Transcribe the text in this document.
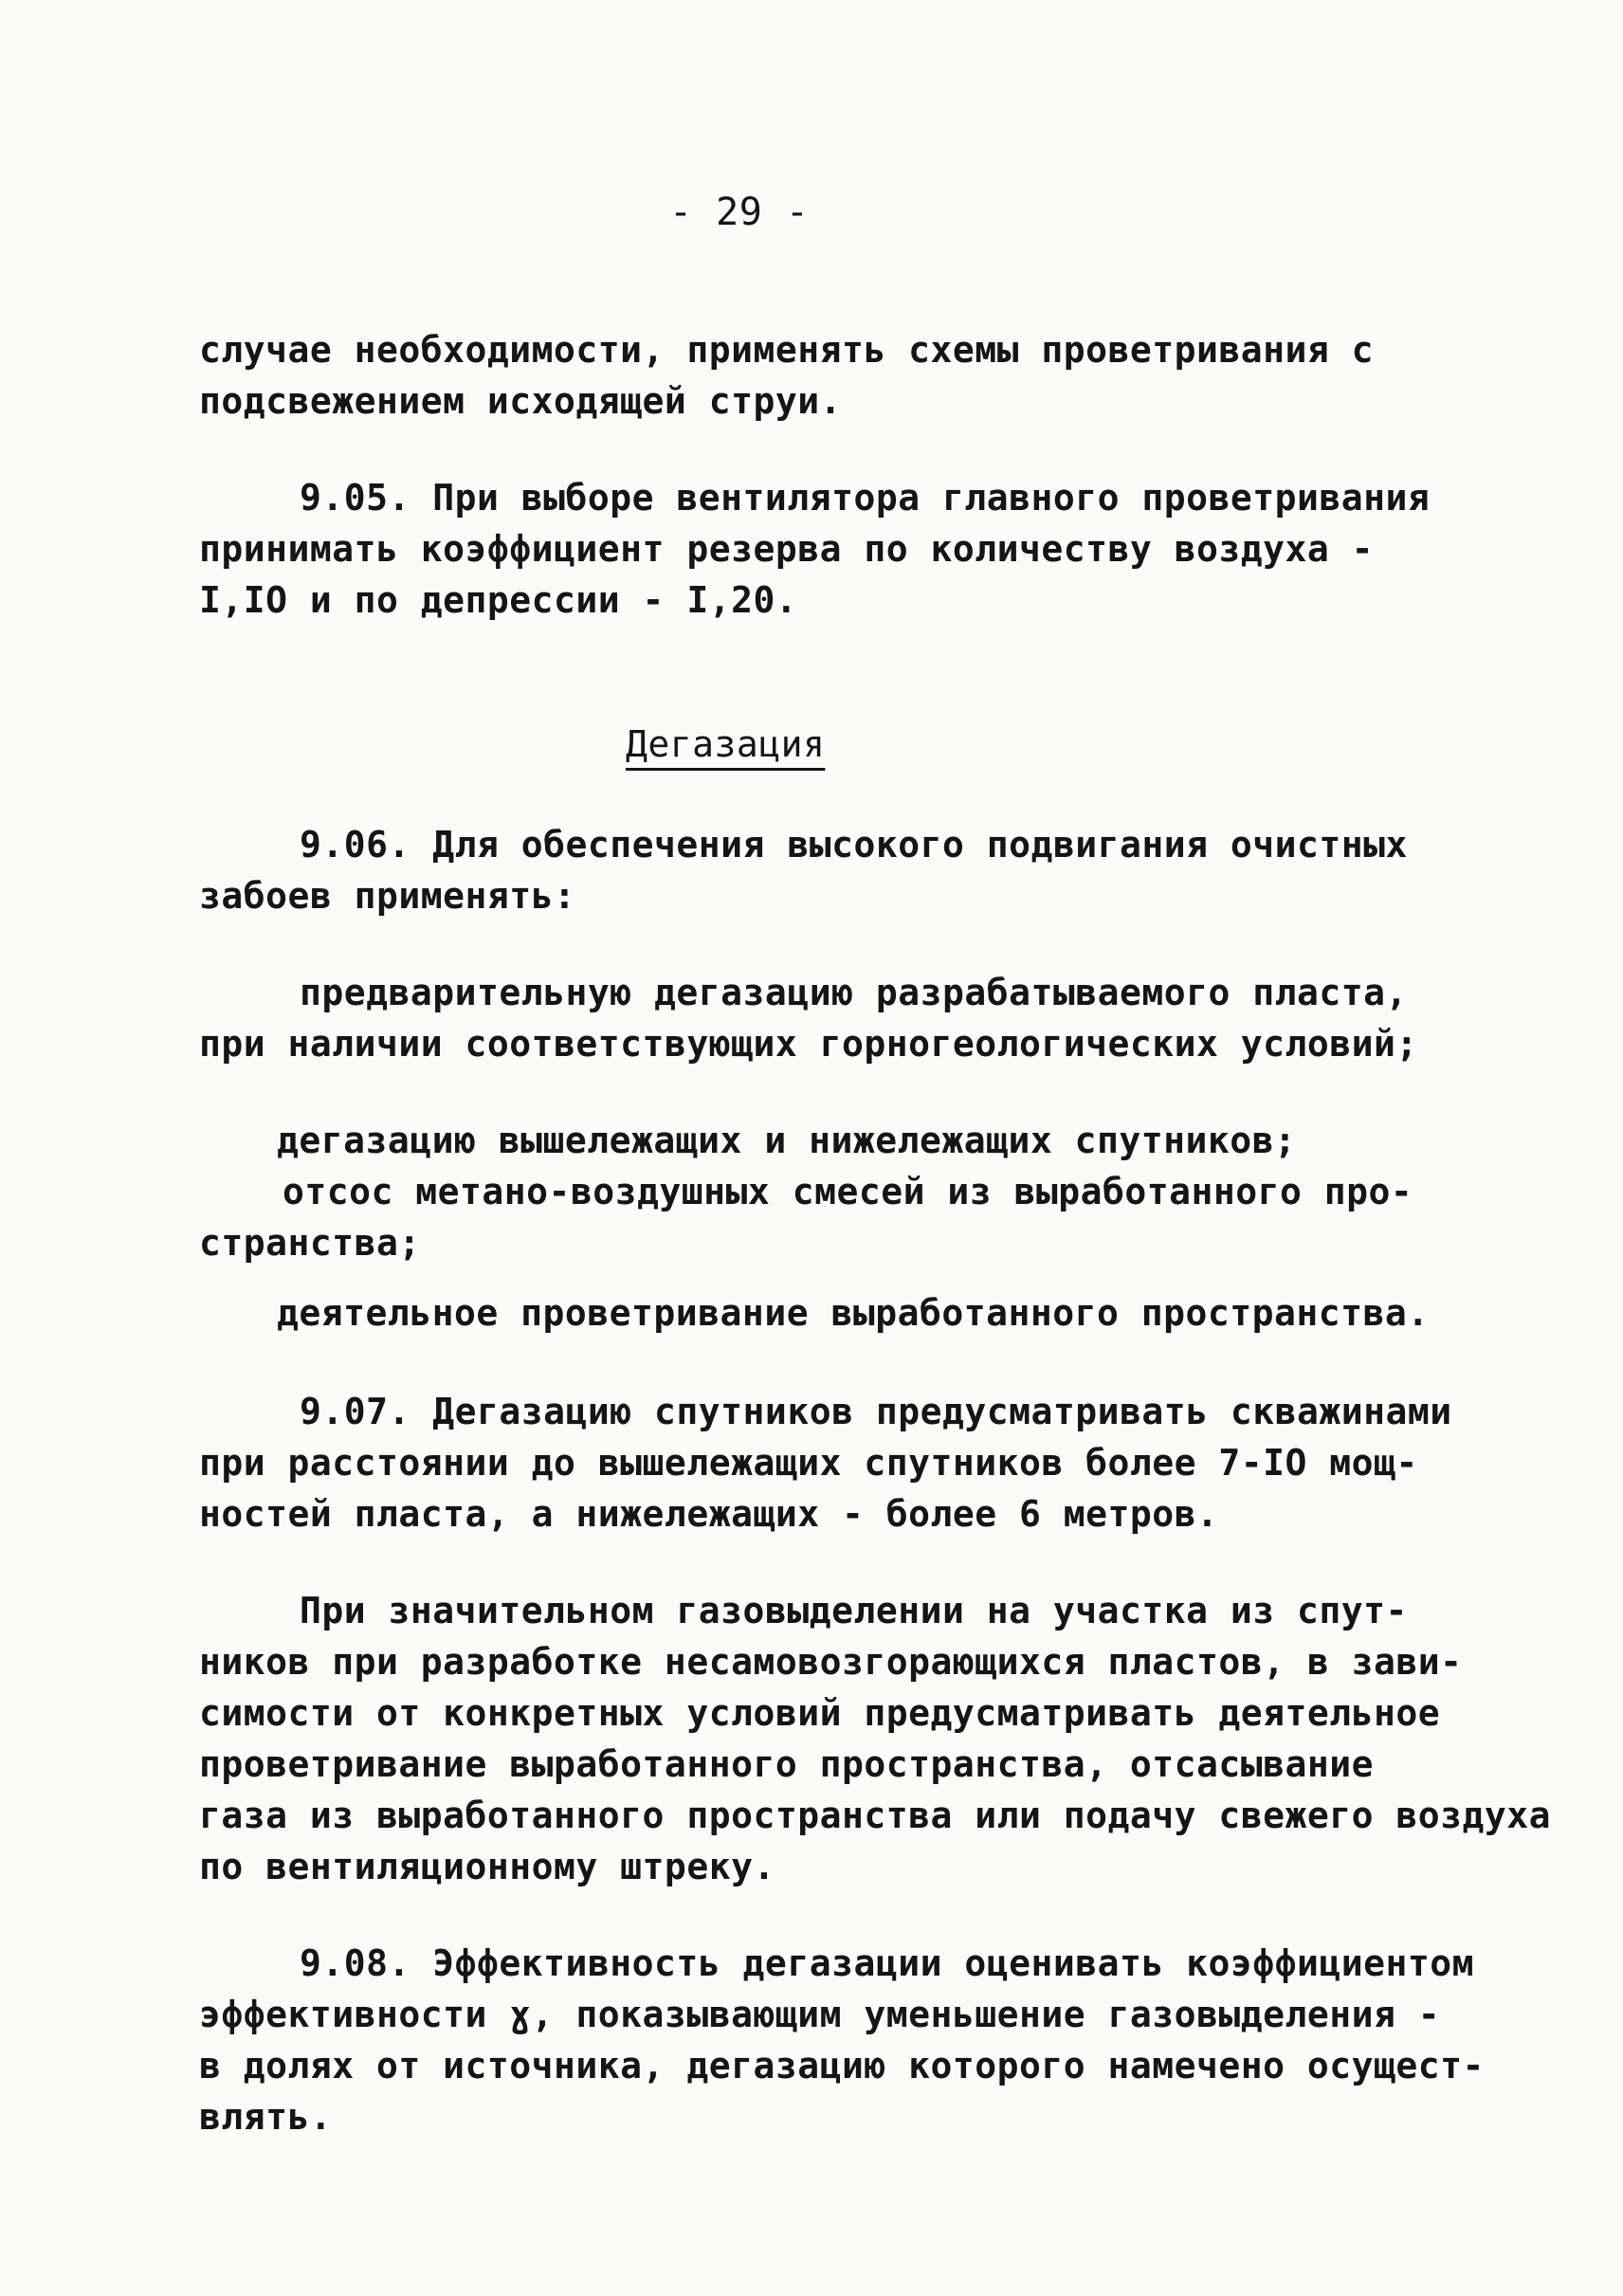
- 29 -
случае необходимости, применять схемы проветривания с
подсвежением исходящей струи.
9.05. При выборе вентилятора главного проветривания
принимать коэффициент резерва по количеству воздуха -
I,IO и по депрессии - I,20.
Дегазация
9.06. Для обеспечения высокого подвигания очистных
забоев применять:
предварительную дегазацию разрабатываемого пласта,
при наличии соответствующих горногеологических условий;
дегазацию вышележащих и нижележащих спутников;
отсос метано-воздушных смесей из выработанного про-
странства;
деятельное проветривание выработанного пространства.
9.07. Дегазацию спутников предусматривать скважинами
при расстоянии до вышележащих спутников более 7-IO мощ-
ностей пласта, а нижележащих - более 6 метров.
При значительном газовыделении на участка из спут-
ников при разработке несамовозгорающихся пластов, в зави-
симости от конкретных условий предусматривать деятельное
проветривание выработанного пространства, отсасывание
газа из выработанного пространства или подачу свежего воздуха
по вентиляционному штреку.
9.08. Эффективность дегазации оценивать коэффициентом
эффективности ɣ, показывающим уменьшение газовыделения -
в долях от источника, дегазацию которого намечено осущест-
влять.
